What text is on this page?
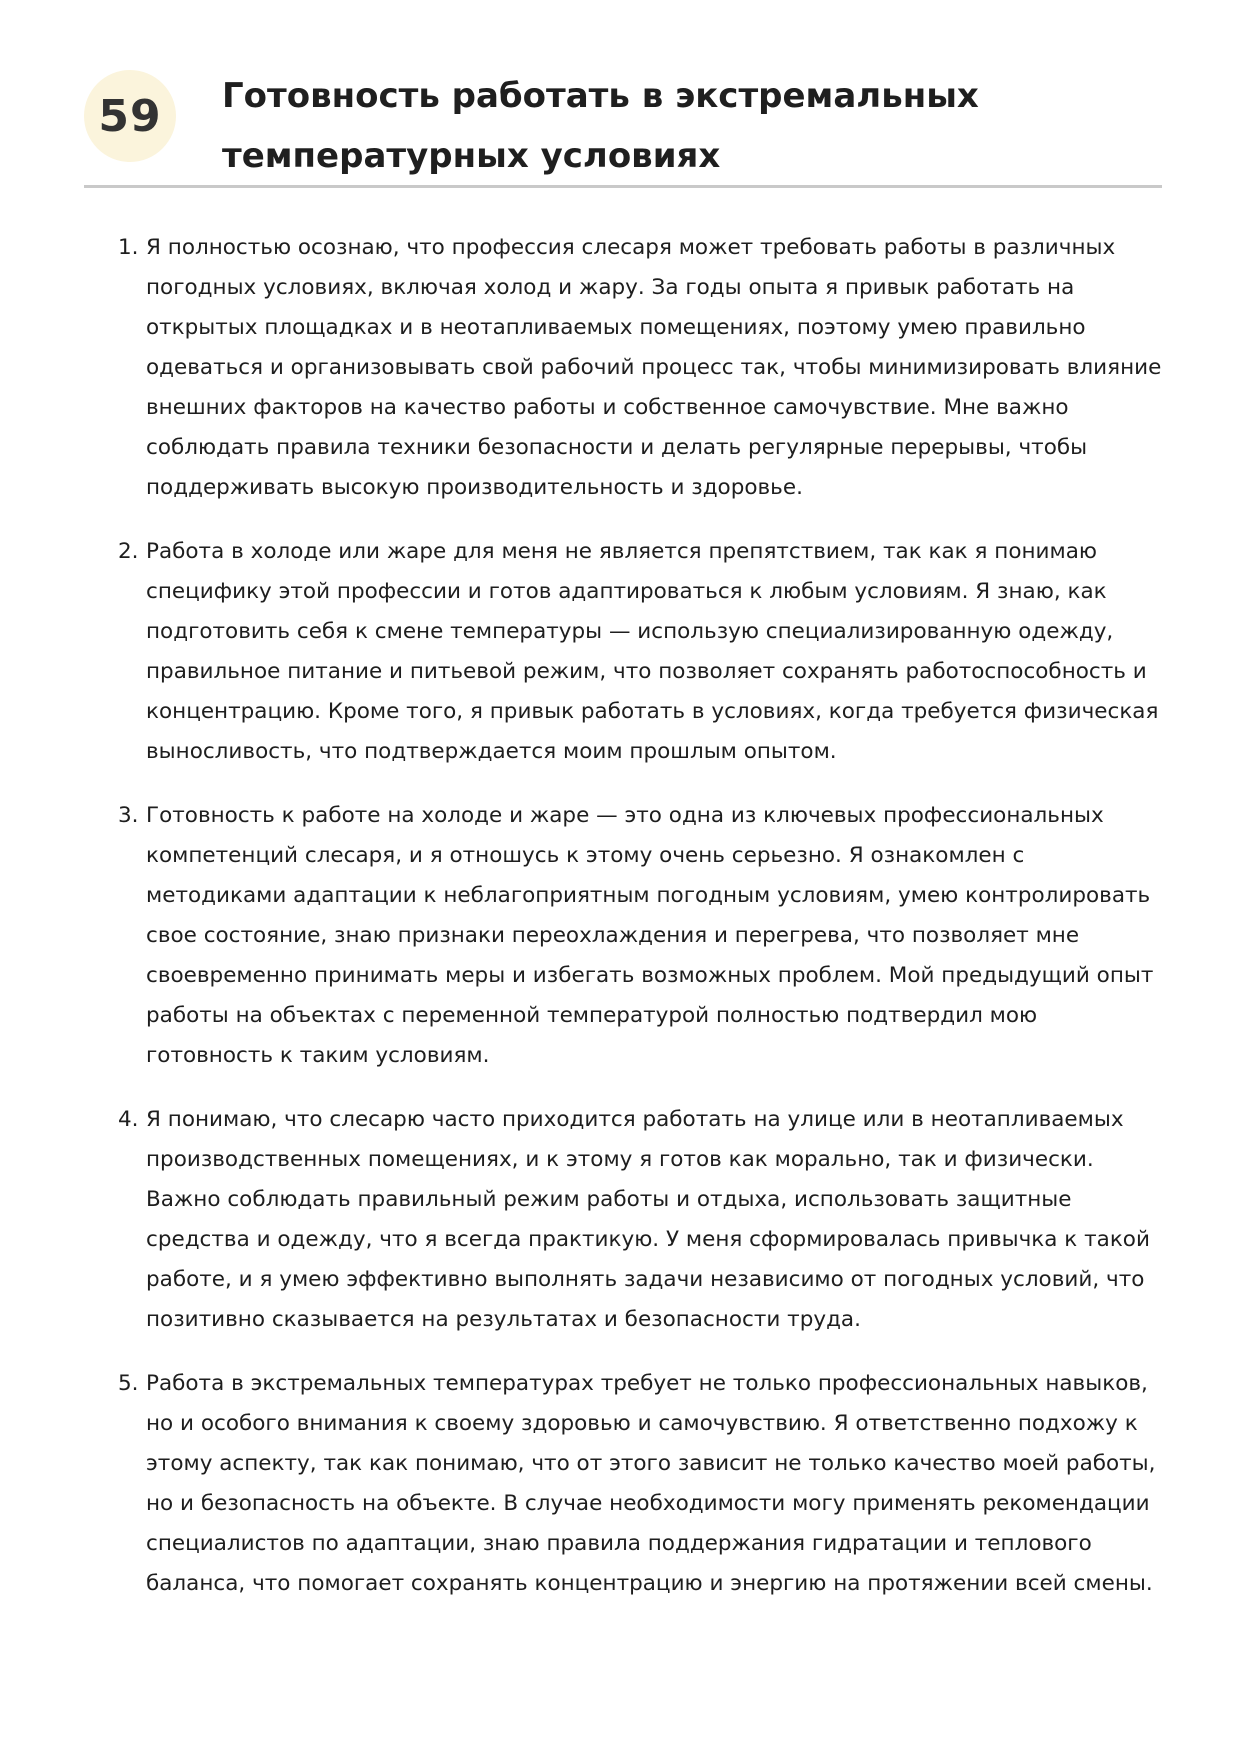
59	Готовность работать в экстремальных температурных условиях
1. Я полностью осознаю, что профессия слесаря может требовать работы в различных погодных условиях, включая холод и жару. За годы опыта я привык работать на открытых площадках и в неотапливаемых помещениях, поэтому умею правильно одеваться и организовывать свой рабочий процесс так, чтобы минимизировать влияние внешних факторов на качество работы и собственное самочувствие. Мне важно соблюдать правила техники безопасности и делать регулярные перерывы, чтобы поддерживать высокую производительность и здоровье.
2. Работа в холоде или жаре для меня не является препятствием, так как я понимаю специфику этой профессии и готов адаптироваться к любым условиям. Я знаю, как подготовить себя к смене температуры — использую специализированную одежду, правильное питание и питьевой режим, что позволяет сохранять работоспособность и концентрацию. Кроме того, я привык работать в условиях, когда требуется физическая выносливость, что подтверждается моим прошлым опытом.
3. Готовность к работе на холоде и жаре — это одна из ключевых профессиональных компетенций слесаря, и я отношусь к этому очень серьезно. Я ознакомлен с методиками адаптации к неблагоприятным погодным условиям, умею контролировать свое состояние, знаю признаки переохлаждения и перегрева, что позволяет мне своевременно принимать меры и избегать возможных проблем. Мой предыдущий опыт работы на объектах с переменной температурой полностью подтвердил мою готовность к таким условиям.
4. Я понимаю, что слесарю часто приходится работать на улице или в неотапливаемых производственных помещениях, и к этому я готов как морально, так и физически. Важно соблюдать правильный режим работы и отдыха, использовать защитные средства и одежду, что я всегда практикую. У меня сформировалась привычка к такой работе, и я умею эффективно выполнять задачи независимо от погодных условий, что позитивно сказывается на результатах и безопасности труда.
5. Работа в экстремальных температурах требует не только профессиональных навыков, но и особого внимания к своему здоровью и самочувствию. Я ответственно подхожу к этому аспекту, так как понимаю, что от этого зависит не только качество моей работы, но и безопасность на объекте. В случае необходимости могу применять рекомендации специалистов по адаптации, знаю правила поддержания гидратации и теплового баланса, что помогает сохранять концентрацию и энергию на протяжении всей смены.
